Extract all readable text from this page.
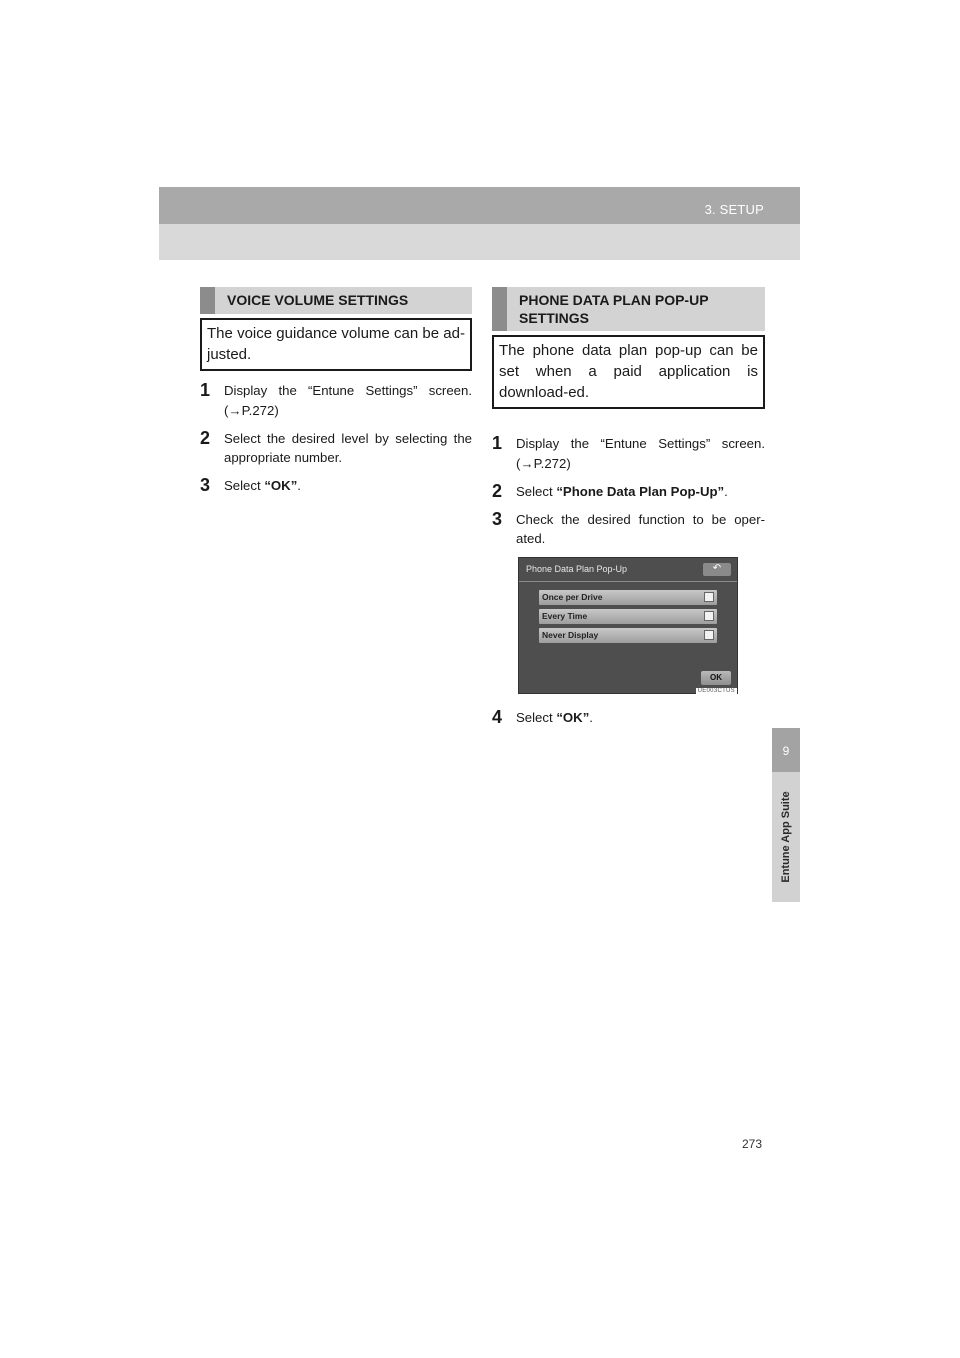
3. SETUP
9
Entune App Suite
VOICE VOLUME SETTINGS
The voice guidance volume can be ad-justed.
1 Display the “Entune Settings” screen. (→P.272)
2 Select the desired level by selecting the appropriate number.
3 Select “OK”.
PHONE DATA PLAN POP-UP SETTINGS
The phone data plan pop-up can be set when a paid application is download-ed.
1 Display the “Entune Settings” screen. (→P.272)
2 Select “Phone Data Plan Pop-Up”.
3 Check the desired function to be oper-ated.
Phone Data Plan Pop-Up	↶
Once per Drive
Every Time
Never Display
OK
UE003CTUS
4 Select “OK”.
273
